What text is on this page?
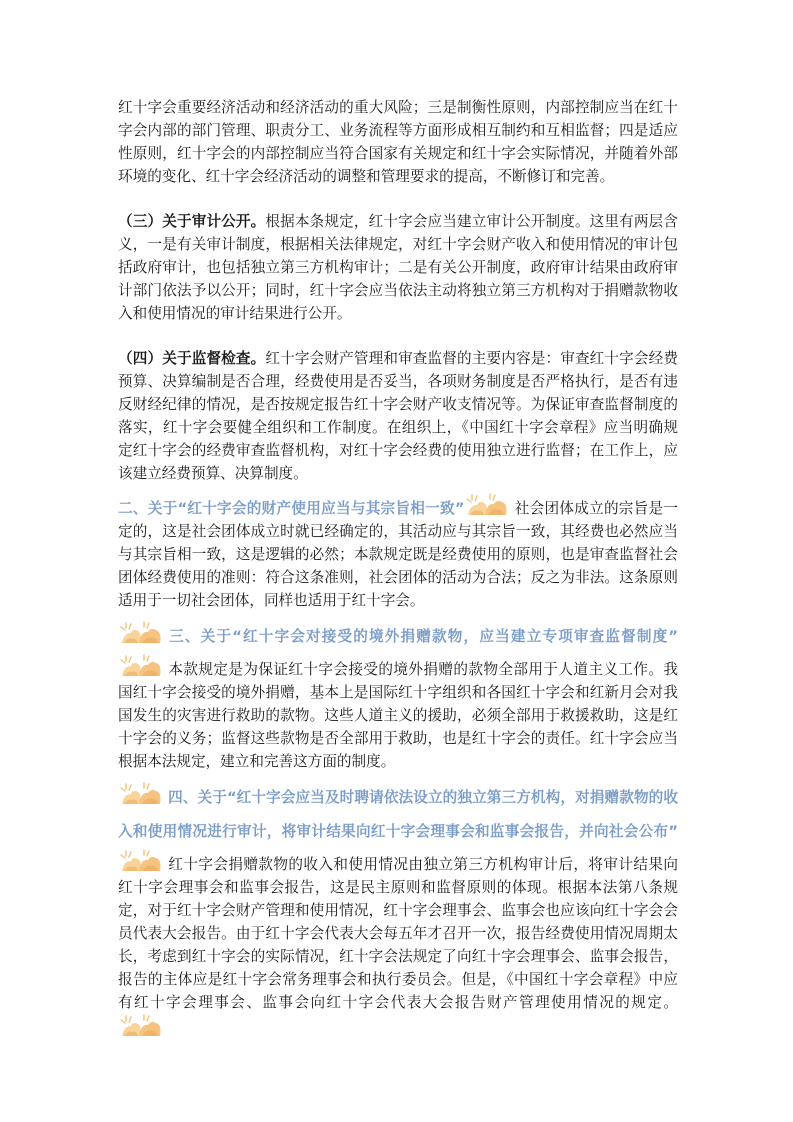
红十字会重要经济活动和经济活动的重大风险；三是制衡性原则，内部控制应当在红十字会内部的部门管理、职责分工、业务流程等方面形成相互制约和互相监督；四是适应性原则，红十字会的内部控制应当符合国家有关规定和红十字会实际情况，并随着外部环境的变化、红十字会经济活动的调整和管理要求的提高，不断修订和完善。

（三）关于审计公开。根据本条规定，红十字会应当建立审计公开制度。这里有两层含义，一是有关审计制度，根据相关法律规定，对红十字会财产收入和使用情况的审计包括政府审计，也包括独立第三方机构审计；二是有关公开制度，政府审计结果由政府审计部门依法予以公开；同时，红十字会应当依法主动将独立第三方机构对于捐赠款物收入和使用情况的审计结果进行公开。

（四）关于监督检查。红十字会财产管理和审查监督的主要内容是：审查红十字会经费预算、决算编制是否合理，经费使用是否妥当，各项财务制度是否严格执行，是否有违反财经纪律的情况，是否按规定报告红十字会财产收支情况等。为保证审查监督制度的落实，红十字会要健全组织和工作制度。在组织上，《中国红十字会章程》应当明确规定红十字会的经费审查监督机构，对红十字会经费的使用独立进行监督；在工作上，应该建立经费预算、决算制度。

二、关于“红十字会的财产使用应当与其宗旨相一致”	社会团体成立的宗旨是一定的，这是社会团体成立时就已经确定的，其活动应与其宗旨一致，其经费也必然应当与其宗旨相一致，这是逻辑的必然；本款规定既是经费使用的原则，也是审查监督社会团体经费使用的准则：符合这条准则，社会团体的活动为合法；反之为非法。这条原则适用于一切社会团体，同样也适用于红十字会。

三、关于“红十字会对接受的境外捐赠款物，应当建立专项审查监督制度”本款规定是为保证红十字会接受的境外捐赠的款物全部用于人道主义工作。我国红十字会接受的境外捐赠，基本上是国际红十字组织和各国红十字会和红新月会对我国发生的灾害进行救助的款物。这些人道主义的援助，必须全部用于救援救助，这是红十字会的义务；监督这些款物是否全部用于救助，也是红十字会的责任。红十字会应当根据本法规定，建立和完善这方面的制度。

四、关于“红十字会应当及时聘请依法设立的独立第三方机构，对捐赠款物的收入和使用情况进行审计，将审计结果向红十字会理事会和监事会报告，并向社会公布”红十字会捐赠款物的收入和使用情况由独立第三方机构审计后，将审计结果向红十字会理事会和监事会报告，这是民主原则和监督原则的体现。根据本法第八条规定，对于红十字会财产管理和使用情况，红十字会理事会、监事会也应该向红十字会会员代表大会报告。由于红十字会代表大会每五年才召开一次，报告经费使用情况周期太长，考虑到红十字会的实际情况，红十字会法规定了向红十字会理事会、监事会报告，报告的主体应是红十字会常务理事会和执行委员会。但是，《中国红十字会章程》中应有红十字会理事会、监事会向红十字会代表大会报告财产管理使用情况的规定。
